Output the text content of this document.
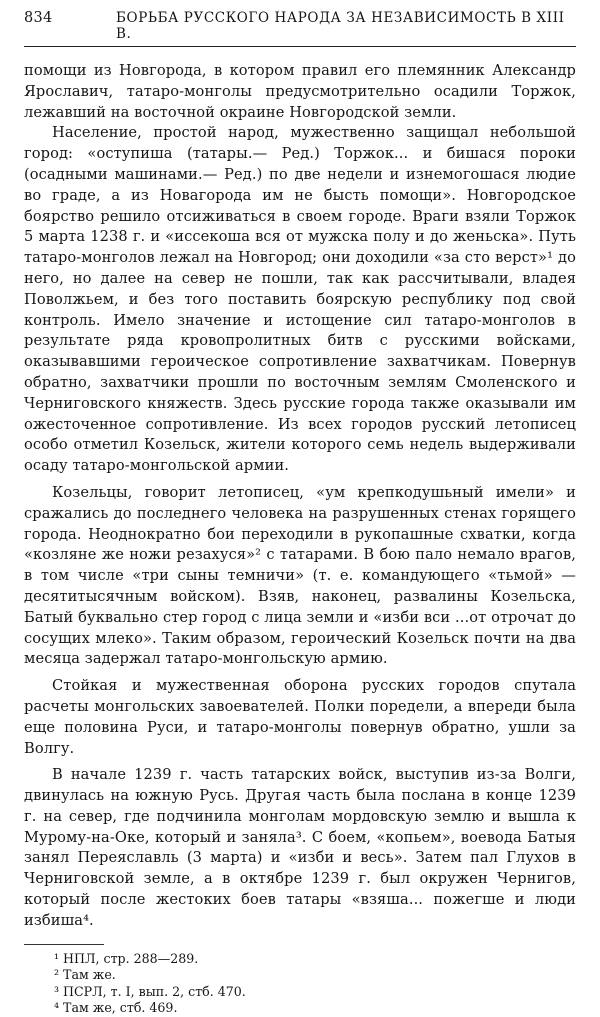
834	БОРЬБА РУССКОГО НАРОДА ЗА НЕЗАВИСИМОСТЬ В XIII В.

помощи из Новгорода, в котором правил его племянник Александр Ярославич, татаро-монголы предусмотрительно осадили Торжок, лежавший на восточной окраине Новгородской земли.

Население, простой народ, мужественно защищал небольшой город: «оступиша (татары.— Ред.) Торжок... и бишася пороки (осадными машинами.— Ред.) по две недели и изнемогошася людие во граде, а из Новагорода им не бысть помощи». Новгородское боярство решило отсиживаться в своем городе. Враги взяли Торжок 5 марта 1238 г. и «иссекоша вся от мужска полу и до женьска». Путь татаро-монголов лежал на Новгород; они доходили «за сто верст»¹ до него, но далее на север не пошли, так как рассчитывали, владея Поволжьем, и без того поставить боярскую республику под свой контроль. Имело значение и истощение сил татаро-монголов в результате ряда кровопролитных битв с русскими войсками, оказывавшими героическое сопротивление захватчикам. Повернув обратно, захватчики прошли по восточным землям Смоленского и Черниговского княжеств. Здесь русские города также оказывали им ожесточенное сопротивление. Из всех городов русский летописец особо отметил Козельск, жители которого семь недель выдерживали осаду татаро-монгольской армии.

Козельцы, говорит летописец, «ум крепкодушьный имели» и сражались до последнего человека на разрушенных стенах горящего города. Неоднократно бои переходили в рукопашные схватки, когда «козляне же ножи резахуся»² с татарами. В бою пало немало врагов, в том числе «три сыны темничи» (т. е. командующего «тьмой» — десятитысячным войском). Взяв, наконец, развалины Козельска, Батый буквально стер город с лица земли и «изби вси ...от отрочат до сосущих млеко». Таким образом, героический Козельск почти на два месяца задержал татаро-монгольскую армию.

Стойкая и мужественная оборона русских городов спутала расчеты монгольских завоевателей. Полки поредели, а впереди была еще половина Руси, и татаро-монголы повернув обратно, ушли за Волгу.

В начале 1239 г. часть татарских войск, выступив из-за Волги, двинулась на южную Русь. Другая часть была послана в конце 1239 г. на север, где подчинила монголам мордовскую землю и вышла к Мурому-на-Оке, который и заняла³. С боем, «копьем», воевода Батыя занял Переяславль (3 марта) и «изби и весь». Затем пал Глухов в Черниговской земле, а в октябре 1239 г. был окружен Чернигов, который после жестоких боев татары «взяша... пожегше и люди избиша⁴.

¹ НПЛ, стр. 288—289.
² Там же.
³ ПСРЛ, т. I, вып. 2, стб. 470.
⁴ Там же, стб. 469.
